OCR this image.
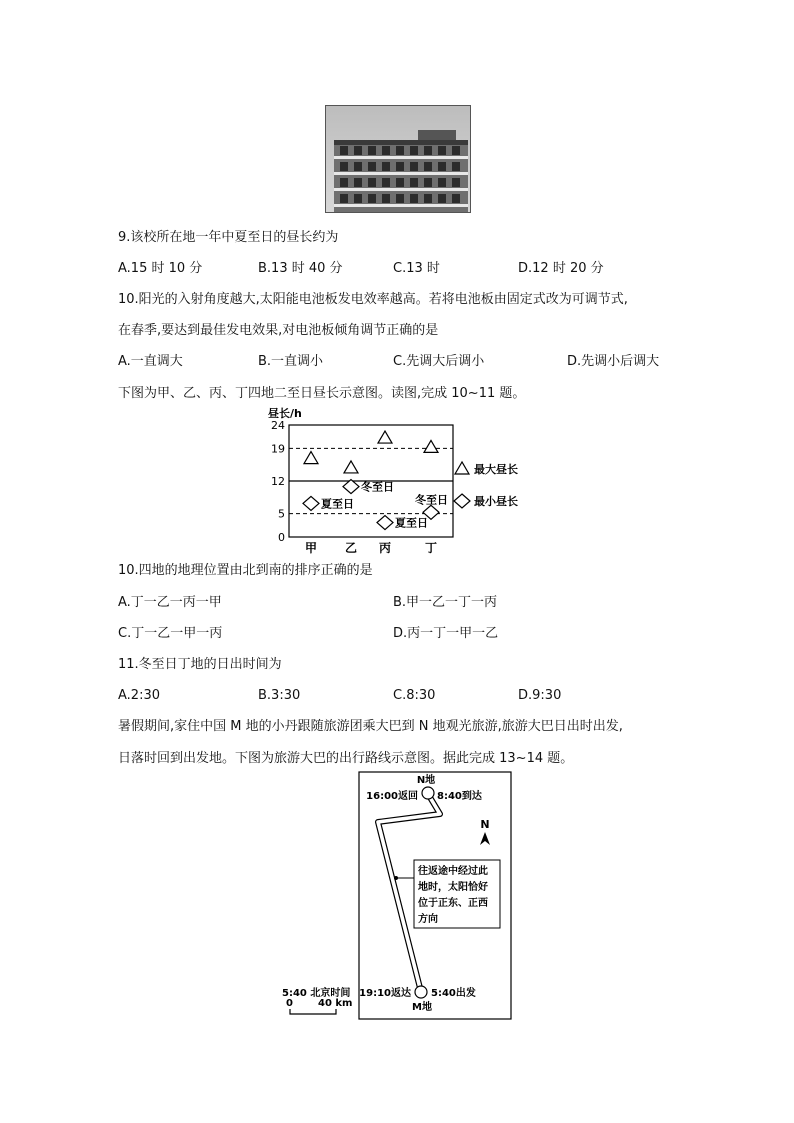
9.该校所在地一年中夏至日的昼长约为
A.15 时 10 分	B.13 时 40 分	C.13 时	D.12 时 20 分
10.阳光的入射角度越大,太阳能电池板发电效率越高。若将电池板由固定式改为可调节式,
在春季,要达到最佳发电效果,对电池板倾角调节正确的是
A.一直调大	B.一直调小	C.先调大后调小	D.先调小后调大
下图为甲、乙、丙、丁四地二至日昼长示意图。读图,完成 10~11 题。
昼长/h
0
5
12
19
24
甲 乙 丙	丁
夏至日
冬至日
夏至日
冬至日
最大昼长
最小昼长
10.四地的地理位置由北到南的排序正确的是
A.丁一乙一丙一甲	B.甲一乙一丁一丙
C.丁一乙一甲一丙	D.丙一丁一甲一乙
11.冬至日丁地的日出时间为
A.2:30	B.3:30	C.8:30	D.9:30
暑假期间,家住中国 M 地的小丹跟随旅游团乘大巴到 N 地观光旅游,旅游大巴日出时出发,
日落时回到出发地。下图为旅游大巴的出行路线示意图。据此完成 13~14 题。
N地
16:00返回 8:40到达
N
往返途中经过此
地时，太阳恰好
位于正东、正西
方向
19:10返达 5:40出发
M地
5:40 北京时间
0	40 km
